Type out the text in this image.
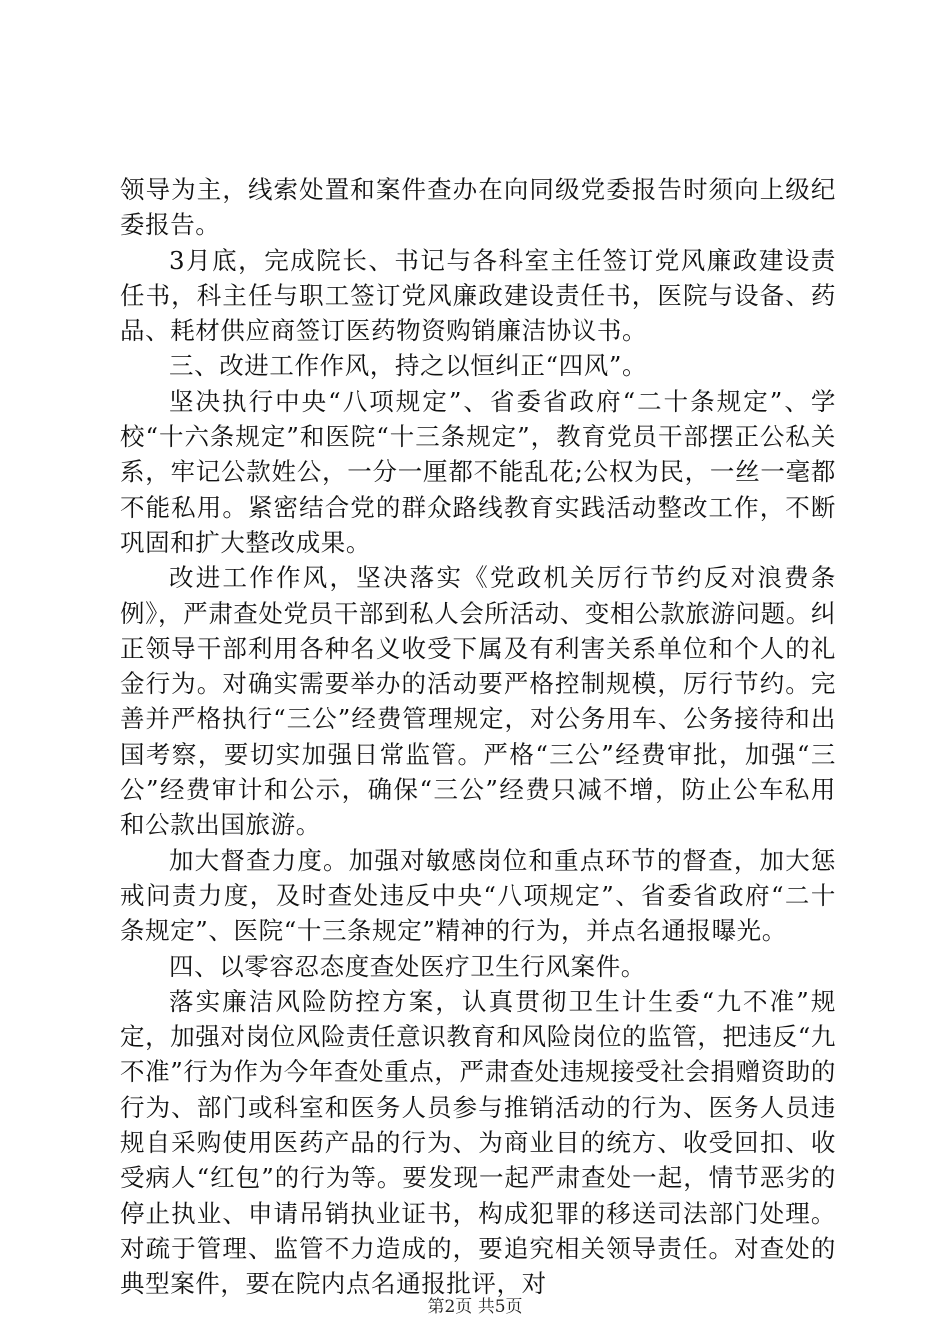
领导为主，线索处置和案件查办在向同级党委报告时须向上级纪委报告。

3月底，完成院长、书记与各科室主任签订党风廉政建设责任书，科主任与职工签订党风廉政建设责任书，医院与设备、药品、耗材供应商签订医药物资购销廉洁协议书。

三、改进工作作风，持之以恒纠正“四风”。

坚决执行中央“八项规定”、省委省政府“二十条规定”、学校“十六条规定”和医院“十三条规定”，教育党员干部摆正公私关系，牢记公款姓公，一分一厘都不能乱花;公权为民，一丝一毫都不能私用。紧密结合党的群众路线教育实践活动整改工作，不断巩固和扩大整改成果。

改进工作作风，坚决落实《党政机关厉行节约反对浪费条例》，严肃查处党员干部到私人会所活动、变相公款旅游问题。纠正领导干部利用各种名义收受下属及有利害关系单位和个人的礼金行为。对确实需要举办的活动要严格控制规模，厉行节约。完善并严格执行“三公”经费管理规定，对公务用车、公务接待和出国考察，要切实加强日常监管。严格“三公”经费审批，加强“三公”经费审计和公示，确保“三公”经费只减不增，防止公车私用和公款出国旅游。

加大督查力度。加强对敏感岗位和重点环节的督查，加大惩戒问责力度，及时查处违反中央“八项规定”、省委省政府“二十条规定”、医院“十三条规定”精神的行为，并点名通报曝光。

四、以零容忍态度查处医疗卫生行风案件。

落实廉洁风险防控方案，认真贯彻卫生计生委“九不准”规定，加强对岗位风险责任意识教育和风险岗位的监管，把违反“九不准”行为作为今年查处重点，严肃查处违规接受社会捐赠资助的行为、部门或科室和医务人员参与推销活动的行为、医务人员违规自采购使用医药产品的行为、为商业目的统方、收受回扣、收受病人“红包”的行为等。要发现一起严肃查处一起，情节恶劣的停止执业、申请吊销执业证书，构成犯罪的移送司法部门处理。对疏于管理、监管不力造成的，要追究相关领导责任。对查处的典型案件，要在院内点名通报批评，对

第2页 共5页
